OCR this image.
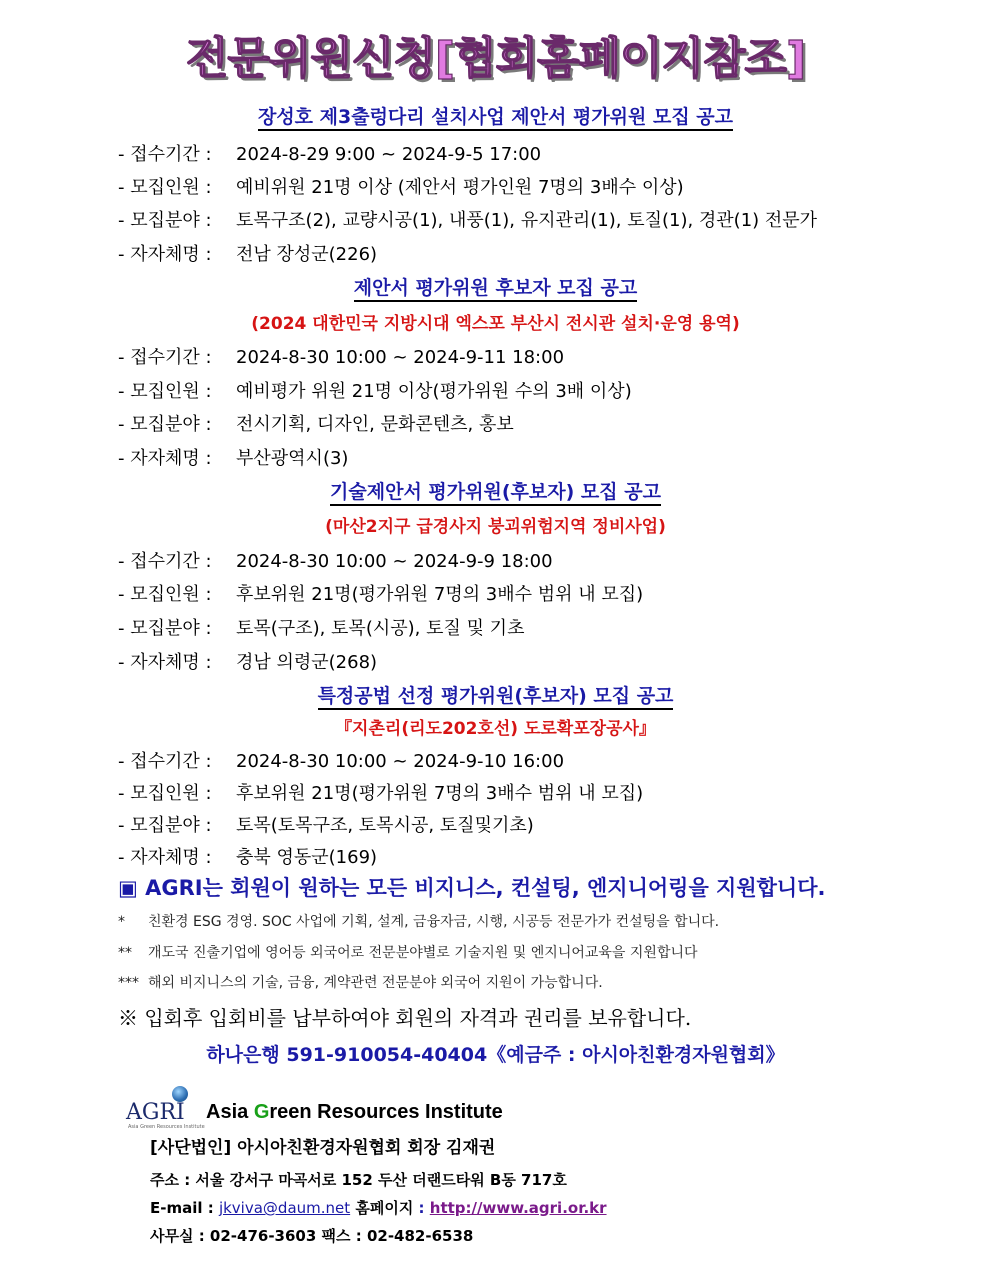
전문위원신청[협회홈페이지참조]
장성호 제3출렁다리 설치사업 제안서 평가위원 모집 공고
- 접수기간 : 2024-8-29 9:00 ~ 2024-9-5 17:00
- 모집인원 : 예비위원 21명 이상 (제안서 평가인원 7명의 3배수 이상)
- 모집분야 : 토목구조(2), 교량시공(1), 내풍(1), 유지관리(1), 토질(1), 경관(1) 전문가
- 자자체명 : 전남 장성군(226)
제안서 평가위원 후보자 모집 공고
(2024 대한민국 지방시대 엑스포 부산시 전시관 설치·운영 용역)
- 접수기간 : 2024-8-30 10:00 ~ 2024-9-11 18:00
- 모집인원 : 예비평가 위원 21명 이상(평가위원 수의 3배 이상)
- 모집분야 : 전시기획, 디자인, 문화콘텐츠, 홍보
- 자자체명 : 부산광역시(3)
기술제안서 평가위원(후보자) 모집 공고
(마산2지구 급경사지 붕괴위험지역 정비사업)
- 접수기간 : 2024-8-30 10:00 ~ 2024-9-9 18:00
- 모집인원 : 후보위원 21명(평가위원 7명의 3배수 범위 내 모집)
- 모집분야 : 토목(구조), 토목(시공), 토질 및 기초
- 자자체명 : 경남 의령군(268)
특정공법 선정 평가위원(후보자) 모집 공고
『지촌리(리도202호선) 도로확포장공사』
- 접수기간 : 2024-8-30 10:00 ~ 2024-9-10 16:00
- 모집인원 : 후보위원 21명(평가위원 7명의 3배수 범위 내 모집)
- 모집분야 : 토목(토목구조, 토목시공, 토질및기초)
- 자자체명 : 충북 영동군(169)
▣ AGRI는 회원이 원하는 모든 비지니스, 컨설팅, 엔지니어링을 지원합니다.
* 친환경 ESG 경영. SOC 사업에 기획, 설계, 금융자금, 시행, 시공등 전문가가 컨설팅을 합니다.
** 개도국 진출기업에 영어등 외국어로 전문분야별로 기술지원 및 엔지니어교육을 지원합니다
*** 해외 비지니스의 기술, 금융, 계약관련 전문분야 외국어 지원이 가능합니다.
※ 입회후 입회비를 납부하여야 회원의 자격과 권리를 보유합니다.
하나은행 591-910054-40404《예금주 : 아시아친환경자원협회》
AGRI
Asia Green Resources Institute
Asia Green Resources Institute
[사단법인] 아시아친환경자원협회 회장 김재권
주소 : 서울 강서구 마곡서로 152 두산 더랜드타워 B동 717호
E-mail : jkviva@daum.net 홈페이지 : http://www.agri.or.kr
사무실 : 02-476-3603 팩스 : 02-482-6538
